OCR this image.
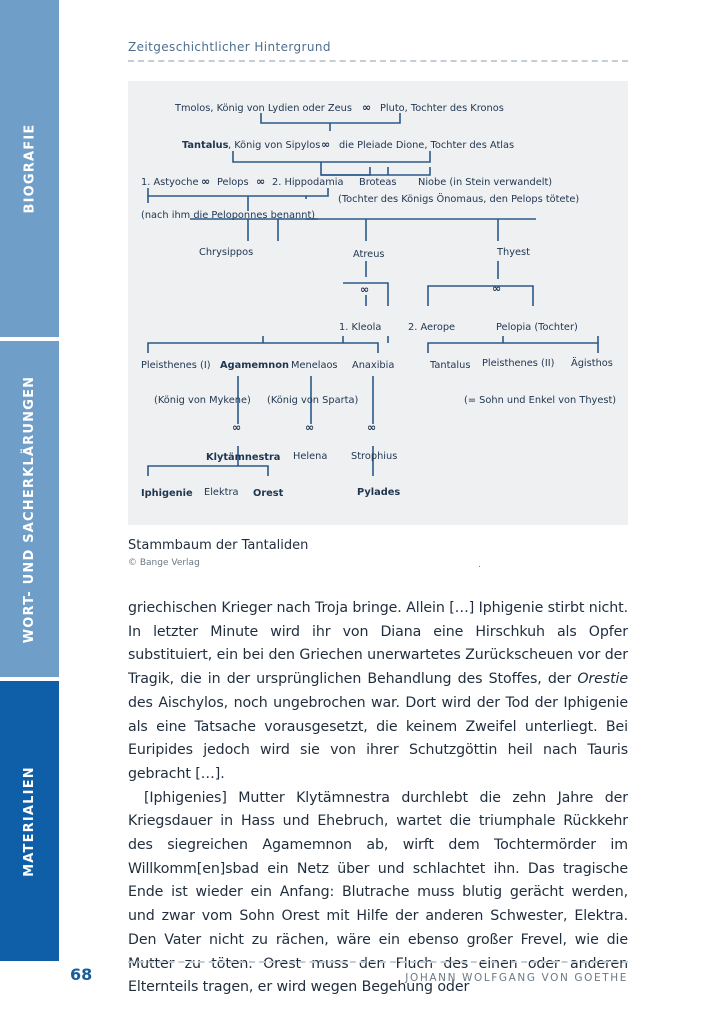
BIOGRAFIE
WORT- UND SACHERKLÄRUNGEN
MATERIALIEN
Zeitgeschichtlicher Hintergrund
Tmolos, König von Lydien oder Zeus ∞ Pluto, Tochter des Kronos
Tantalus , König von Sipylos ∞ die Pleiade Dione, Tochter des Atlas
1. Astyoche ∞ Pelops ∞ 2. Hippodamia Broteas Niobe (in Stein verwandelt)
(Tochter des Königs Önomaus, den Pelops tötete)
(nach ihm die Peloponnes benannt)
Chrysippos	Atreus	Thyest
∞	∞
1. Kleola	2. Aerope	Pelopia (Tochter)
Pleisthenes (I) Agamemnon Menelaos Anaxibia	Tantalus Pleisthenes (II) Ägisthos
(König von Mykene) (König von Sparta)	(= Sohn und Enkel von Thyest)
∞	∞	∞
Klytämnestra Helena Strophius
Iphigenie Elektra Orest	Pylades
Stammbaum der Tantaliden
© Bange Verlag	.

griechischen Krieger nach Troja bringe. Allein […] Iphigenie stirbt nicht. In letzter Minute wird ihr von Diana eine Hirschkuh als Opfer substituiert, ein bei den Griechen unerwartetes Zurückscheuen vor der Tragik, die in der ursprünglichen Behandlung des Stoffes, der Orestie des Aischylos, noch ungebrochen war. Dort wird der Tod der Iphigenie als eine Tatsache vorausgesetzt, die keinem Zweifel unterliegt. Bei Euripides jedoch wird sie von ihrer Schutzgöttin heil nach Tauris gebracht […].

[Iphigenies] Mutter Klytämnestra durchlebt die zehn Jahre der Kriegsdauer in Hass und Ehebruch, wartet die triumphale Rückkehr des siegreichen Agamemnon ab, wirft dem Tochtermörder im Willkomm[en]sbad ein Netz über und schlachtet ihn. Das tragische Ende ist wieder ein Anfang: Blutrache muss blutig gerächt werden, und zwar vom Sohn Orest mit Hilfe der anderen Schwester, Elektra. Den Vater nicht zu rächen, wäre ein ebenso großer Frevel, wie die Mutter zu töten. Orest muss den Fluch des einen oder anderen Elternteils tragen, er wird wegen Begehung oder

68	JOHANN WOLFGANG VON GOETHE
